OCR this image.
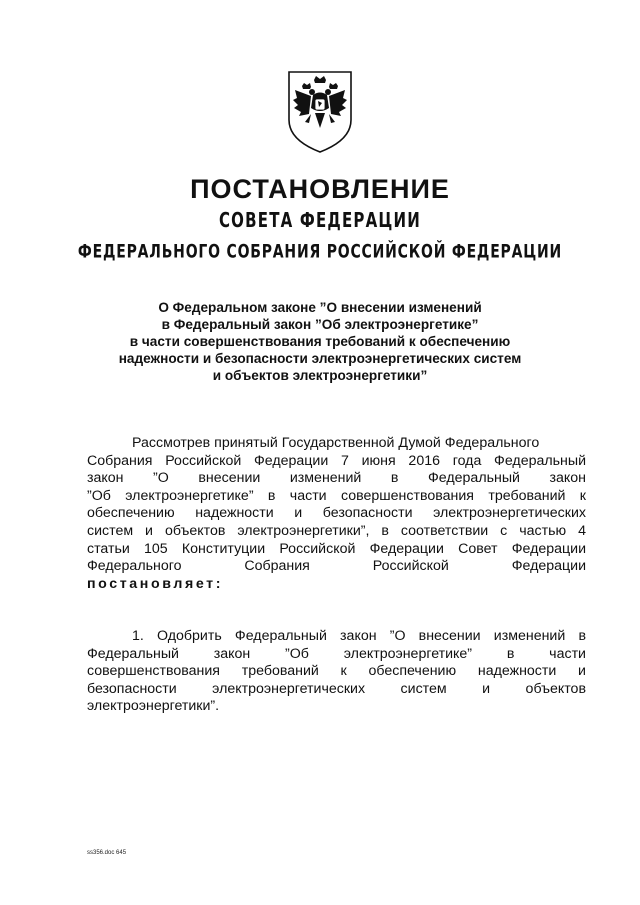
ПОСТАНОВЛЕНИЕ
СОВЕТА ФЕДЕРАЦИИ
ФЕДЕРАЛЬНОГО СОБРАНИЯ РОССИЙСКОЙ ФЕДЕРАЦИИ
О Федеральном законе ”О внесении изменений
в Федеральный закон ”Об электроэнергетике”
в части совершенствования требований к обеспечению
надежности и безопасности электроэнергетических систем
и объектов электроэнергетики”
Рассмотрев принятый Государственной Думой Федерального
Собрания Российской Федерации 7 июня 2016 года Федеральный
закон ”О внесении изменений в Федеральный закон
”Об электроэнергетике” в части совершенствования требований к
обеспечению надежности и безопасности электроэнергетических
систем и объектов электроэнергетики”, в соответствии с частью 4
статьи 105 Конституции Российской Федерации Совет Федерации
Федерального Собрания Российской Федерации
постановляет:
1. Одобрить Федеральный закон ”О внесении изменений в
Федеральный закон ”Об электроэнергетике” в части
совершенствования требований к обеспечению надежности и
безопасности электроэнергетических систем и объектов
электроэнергетики”.
ss356.doc 645
